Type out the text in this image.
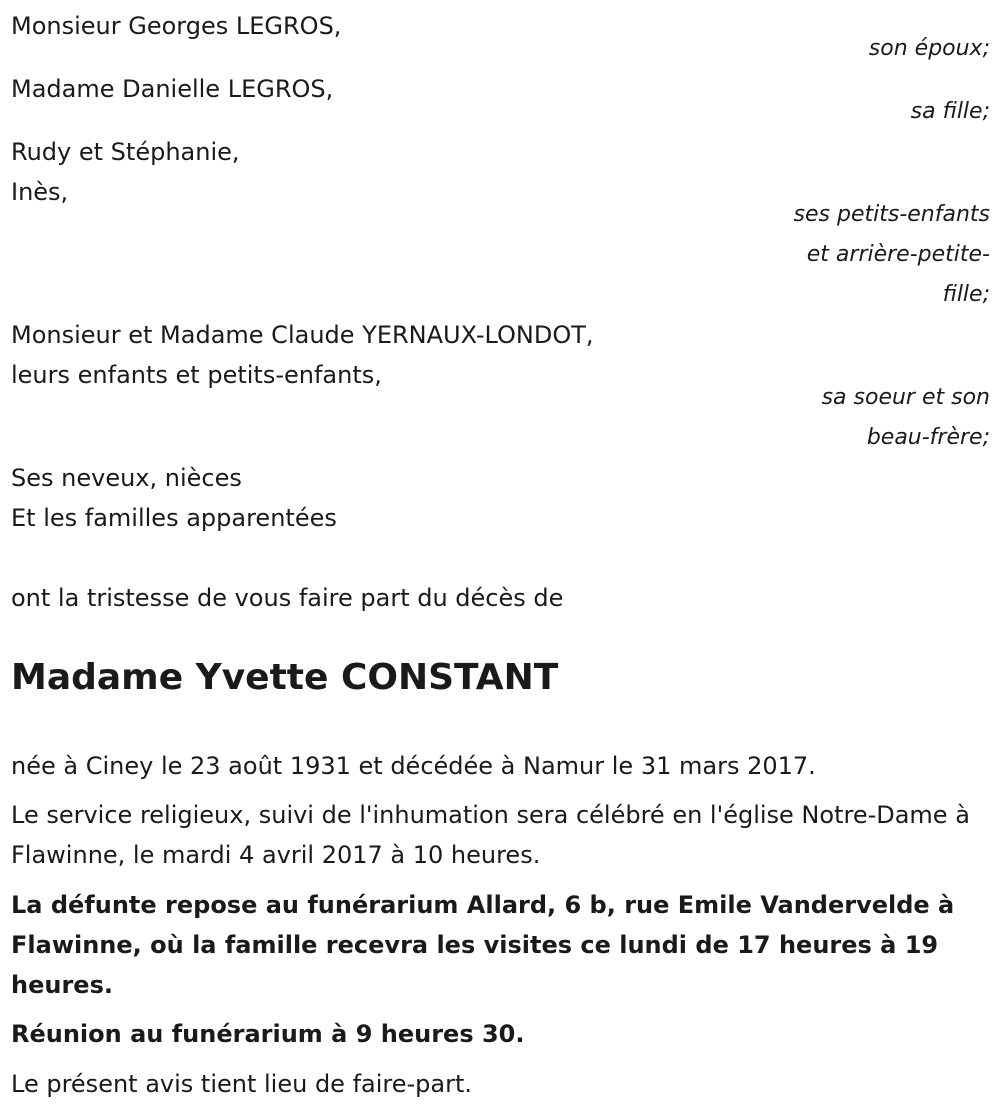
Monsieur Georges LEGROS,

son époux;

Madame Danielle LEGROS,

sa fille;

Rudy et Stéphanie,

Inès,

ses petits-enfants

et arrière-petite-

fille;

Monsieur et Madame Claude YERNAUX-LONDOT,

leurs enfants et petits-enfants,

sa soeur et son

beau-frère;

Ses neveux, nièces

Et les familles apparentées

ont la tristesse de vous faire part du décès de

Madame Yvette CONSTANT

née à Ciney le 23 août 1931 et décédée à Namur le 31 mars 2017.

Le service religieux, suivi de l'inhumation sera célébré en l'église Notre-Dame à Flawinne, le mardi 4 avril 2017 à 10 heures.

La défunte repose au funérarium Allard, 6 b, rue Emile Vandervelde à Flawinne, où la famille recevra les visites ce lundi de 17 heures à 19 heures.

Réunion au funérarium à 9 heures 30.

Le présent avis tient lieu de faire-part.
